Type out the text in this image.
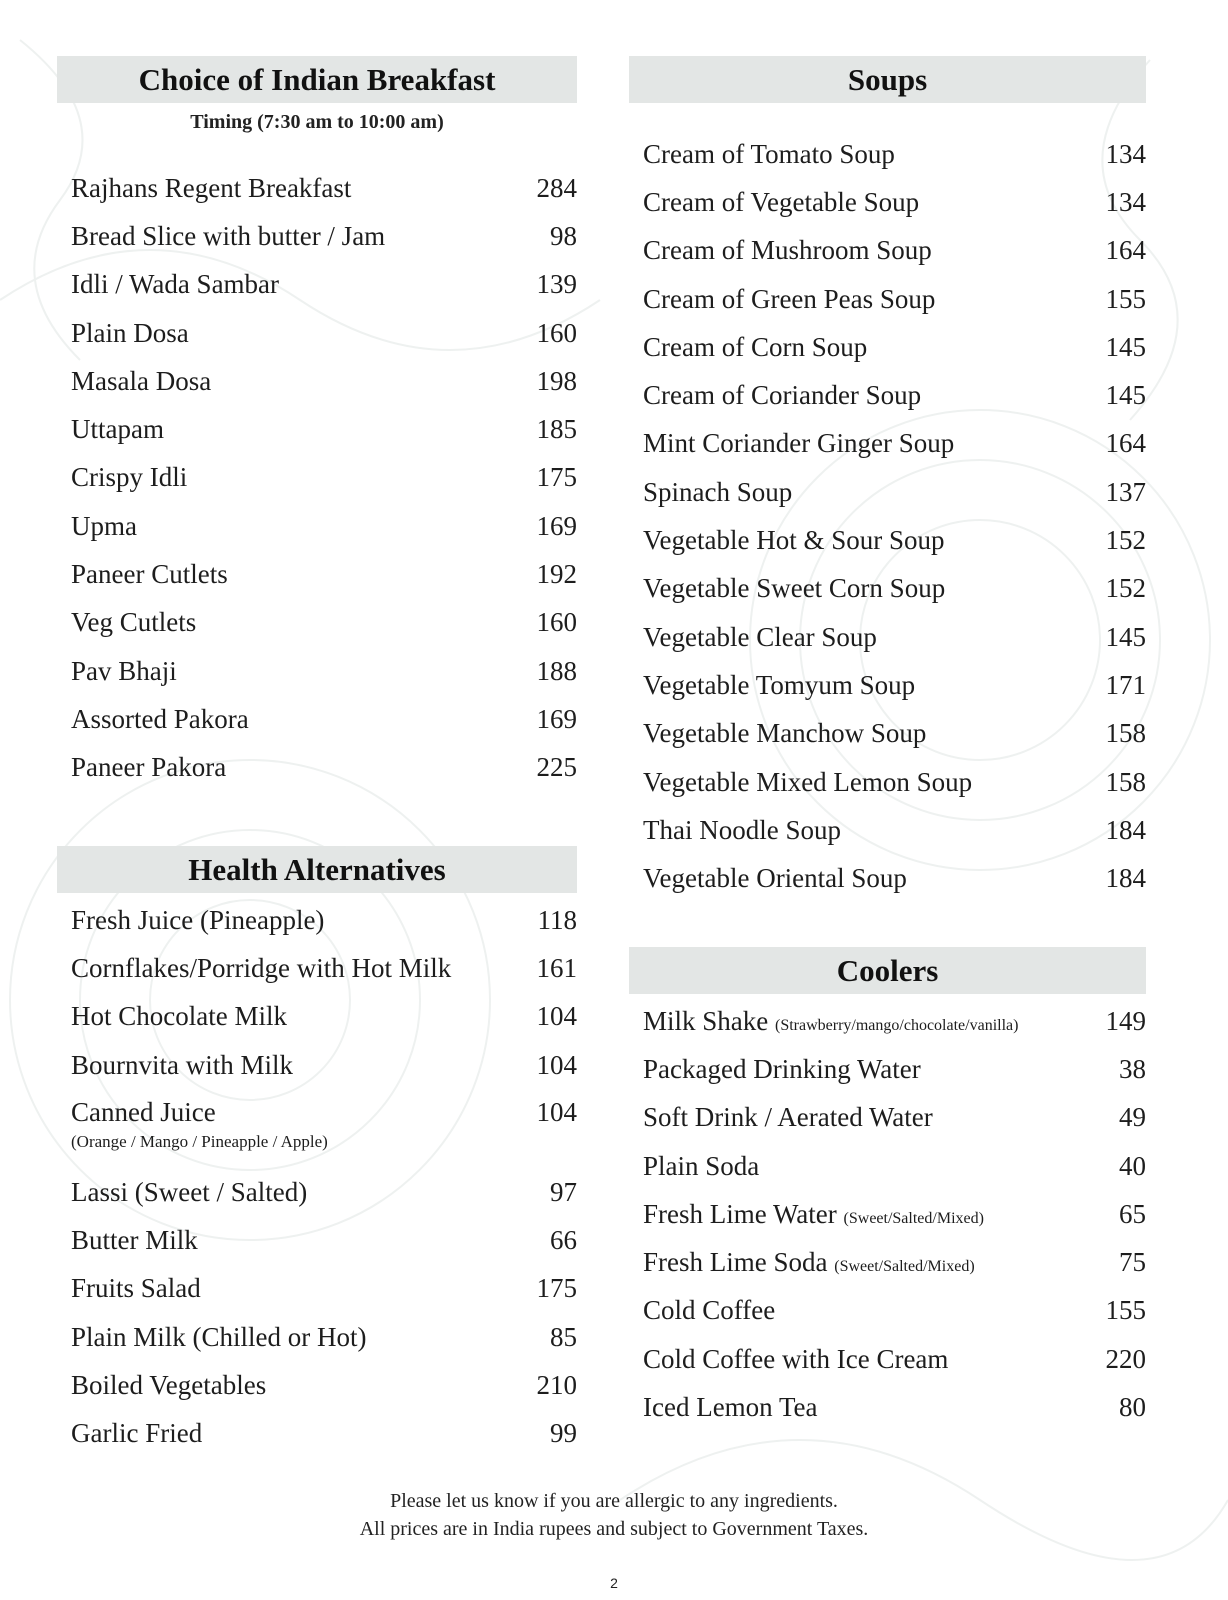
Choice of Indian Breakfast
Timing (7:30 am to 10:00 am)
Rajhans Regent Breakfast	284
Bread Slice with butter / Jam	98
Idli / Wada Sambar	139
Plain Dosa	160
Masala Dosa	198
Uttapam	185
Crispy Idli	175
Upma	169
Paneer Cutlets	192
Veg Cutlets	160
Pav Bhaji	188
Assorted Pakora	169
Paneer Pakora	225
Health Alternatives
Fresh Juice (Pineapple)	118
Cornflakes/Porridge with Hot Milk	161
Hot Chocolate Milk	104
Bournvita with Milk	104
Canned Juice	104
(Orange / Mango / Pineapple / Apple)
Lassi (Sweet / Salted)	97
Butter Milk	66
Fruits Salad	175
Plain Milk (Chilled or Hot)	85
Boiled Vegetables	210
Garlic Fried	99
Soups
Cream of Tomato Soup	134
Cream of Vegetable Soup	134
Cream of Mushroom Soup	164
Cream of Green Peas Soup	155
Cream of Corn Soup	145
Cream of Coriander Soup	145
Mint Coriander Ginger Soup	164
Spinach Soup	137
Vegetable Hot & Sour Soup	152
Vegetable Sweet Corn Soup	152
Vegetable Clear Soup	145
Vegetable Tomyum Soup	171
Vegetable Manchow Soup	158
Vegetable Mixed Lemon Soup	158
Thai Noodle Soup	184
Vegetable Oriental Soup	184
Coolers
Milk Shake (Strawberry/mango/chocolate/vanilla)	149
Packaged Drinking Water	38
Soft Drink / Aerated Water	49
Plain Soda	40
Fresh Lime Water (Sweet/Salted/Mixed)	65
Fresh Lime Soda (Sweet/Salted/Mixed)	75
Cold Coffee	155
Cold Coffee with Ice Cream	220
Iced Lemon Tea	80
Please let us know if you are allergic to any ingredients.
All prices are in India rupees and subject to Government Taxes.
2
